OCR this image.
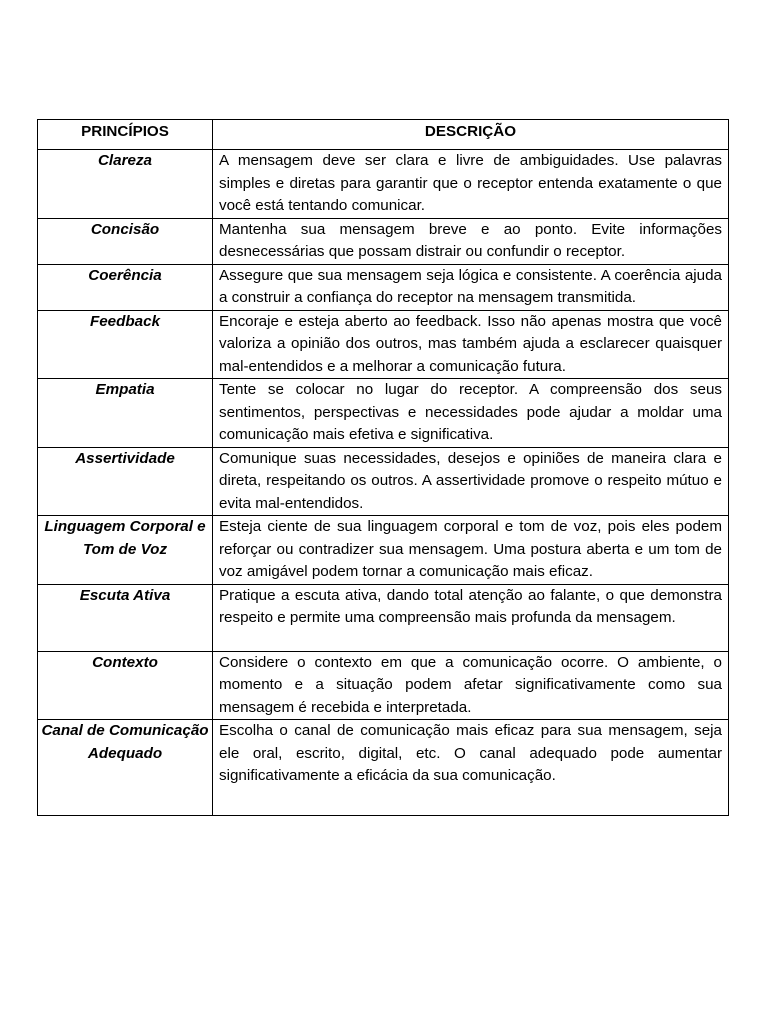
PRINCÍPIOS	DESCRIÇÃO
Clareza	A mensagem deve ser clara e livre de ambiguidades. Use palavras simples e diretas para garantir que o receptor entenda exatamente o que você está tentando comunicar.
Concisão	Mantenha sua mensagem breve e ao ponto. Evite informações desnecessárias que possam distrair ou confundir o receptor.
Coerência	Assegure que sua mensagem seja lógica e consistente. A coerência ajuda a construir a confiança do receptor na mensagem transmitida.
Feedback	Encoraje e esteja aberto ao feedback. Isso não apenas mostra que você valoriza a opinião dos outros, mas também ajuda a esclarecer quaisquer mal-entendidos e a melhorar a comunicação futura.
Empatia	Tente se colocar no lugar do receptor. A compreensão dos seus sentimentos, perspectivas e necessidades pode ajudar a moldar uma comunicação mais efetiva e significativa.
Assertividade	Comunique suas necessidades, desejos e opiniões de maneira clara e direta, respeitando os outros. A assertividade promove o respeito mútuo e evita mal-entendidos.
Linguagem Corporal e Tom de Voz	Esteja ciente de sua linguagem corporal e tom de voz, pois eles podem reforçar ou contradizer sua mensagem. Uma postura aberta e um tom de voz amigável podem tornar a comunicação mais eficaz.
Escuta Ativa	Pratique a escuta ativa, dando total atenção ao falante, o que demonstra respeito e permite uma compreensão mais profunda da mensagem.
Contexto	Considere o contexto em que a comunicação ocorre. O ambiente, o momento e a situação podem afetar significativamente como sua mensagem é recebida e interpretada.
Canal de Comunicação Adequado	Escolha o canal de comunicação mais eficaz para sua mensagem, seja ele oral, escrito, digital, etc. O canal adequado pode aumentar significativamente a eficácia da sua comunicação.
